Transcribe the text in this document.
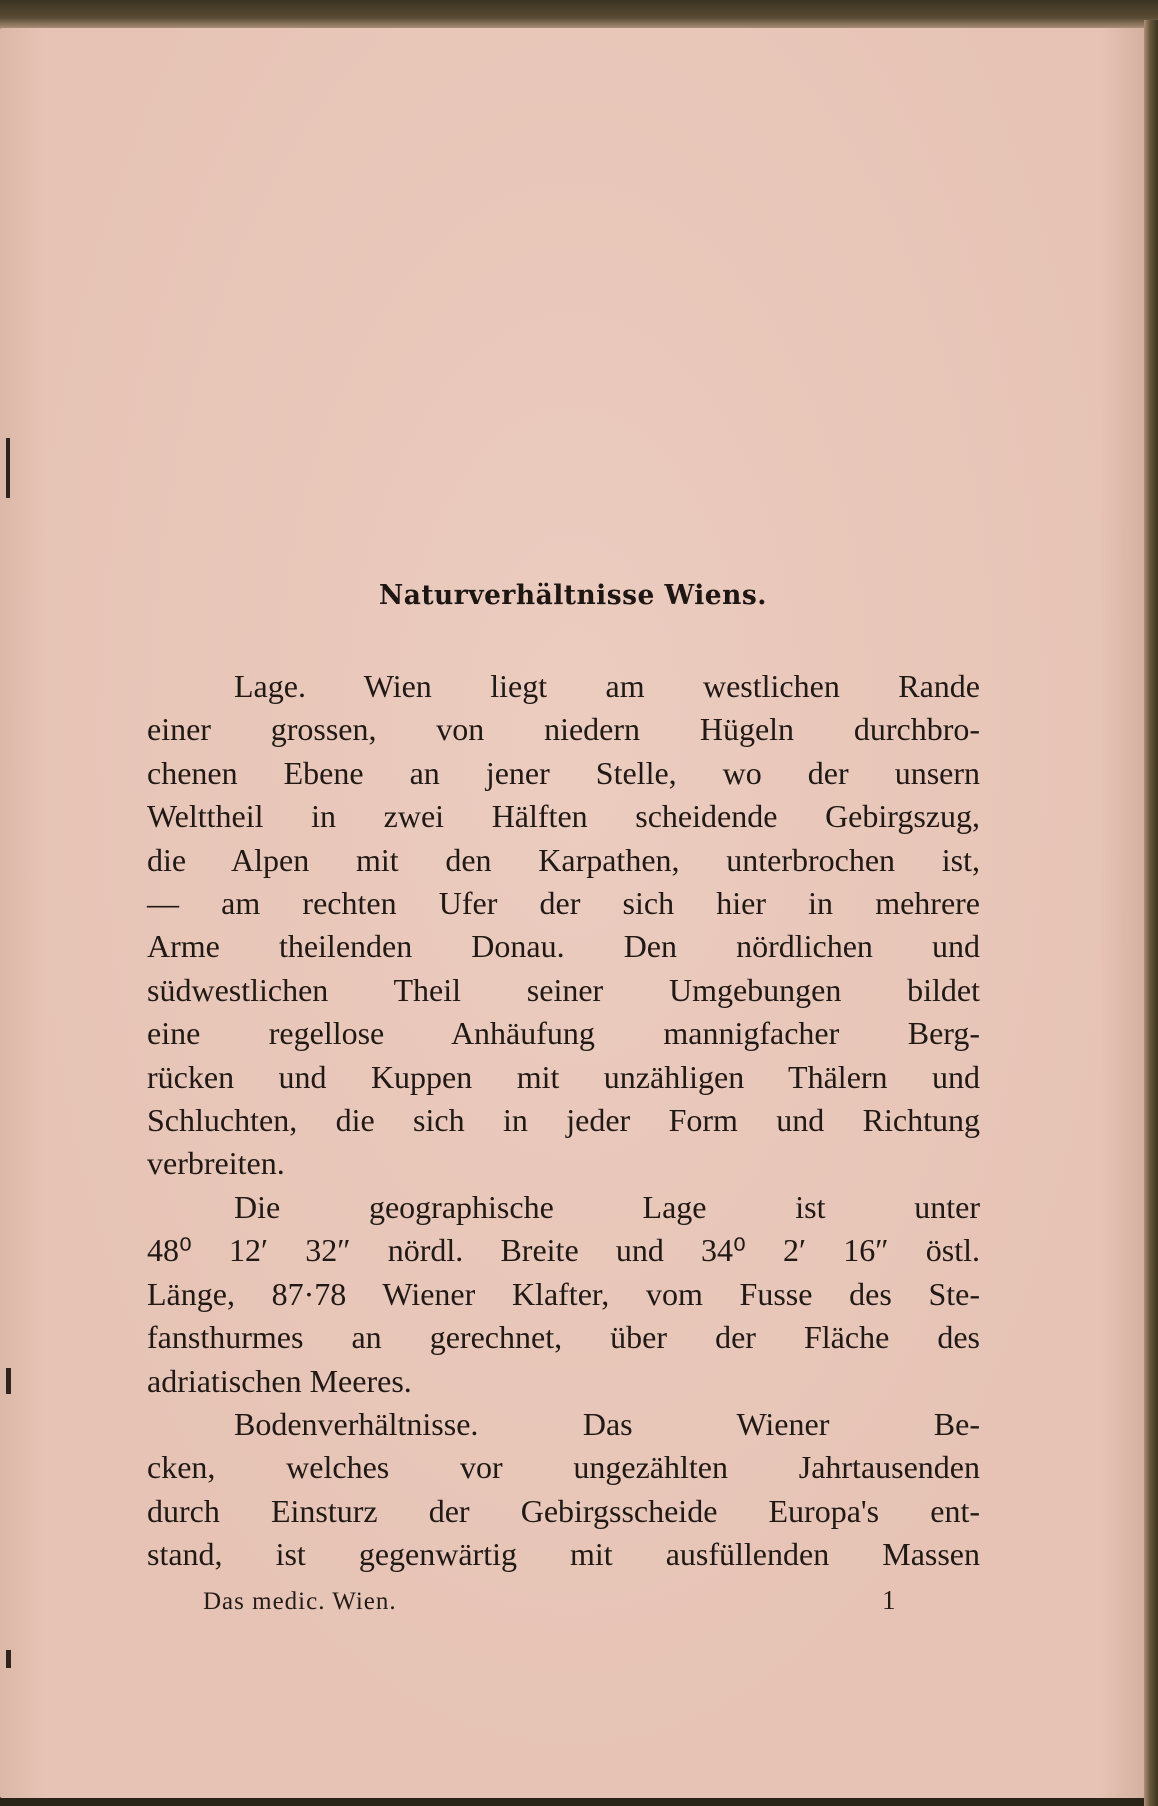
Naturverhältnisse Wiens.

Lage. Wien liegt am westlichen Rande
einer grossen, von niedern Hügeln durchbro-
chenen Ebene an jener Stelle, wo der unsern
Welttheil in zwei Hälften scheidende Gebirgszug,
die Alpen mit den Karpathen, unterbrochen ist,
— am rechten Ufer der sich hier in mehrere
Arme theilenden Donau. Den nördlichen und
südwestlichen Theil seiner Umgebungen bildet
eine regellose Anhäufung mannigfacher Berg-
rücken und Kuppen mit unzähligen Thälern und
Schluchten, die sich in jeder Form und Richtung
verbreiten.

Die geographische Lage ist unter
48⁰ 12′ 32″ nördl. Breite und 34⁰ 2′ 16″ östl.
Länge, 87·78 Wiener Klafter, vom Fusse des Ste-
fansthurmes an gerechnet, über der Fläche des
adriatischen Meeres.

Bodenverhältnisse. Das Wiener Be-
cken, welches vor ungezählten Jahrtausenden
durch Einsturz der Gebirgsscheide Europa's ent-
stand, ist gegenwärtig mit ausfüllenden Massen

Das medic. Wien.	1
